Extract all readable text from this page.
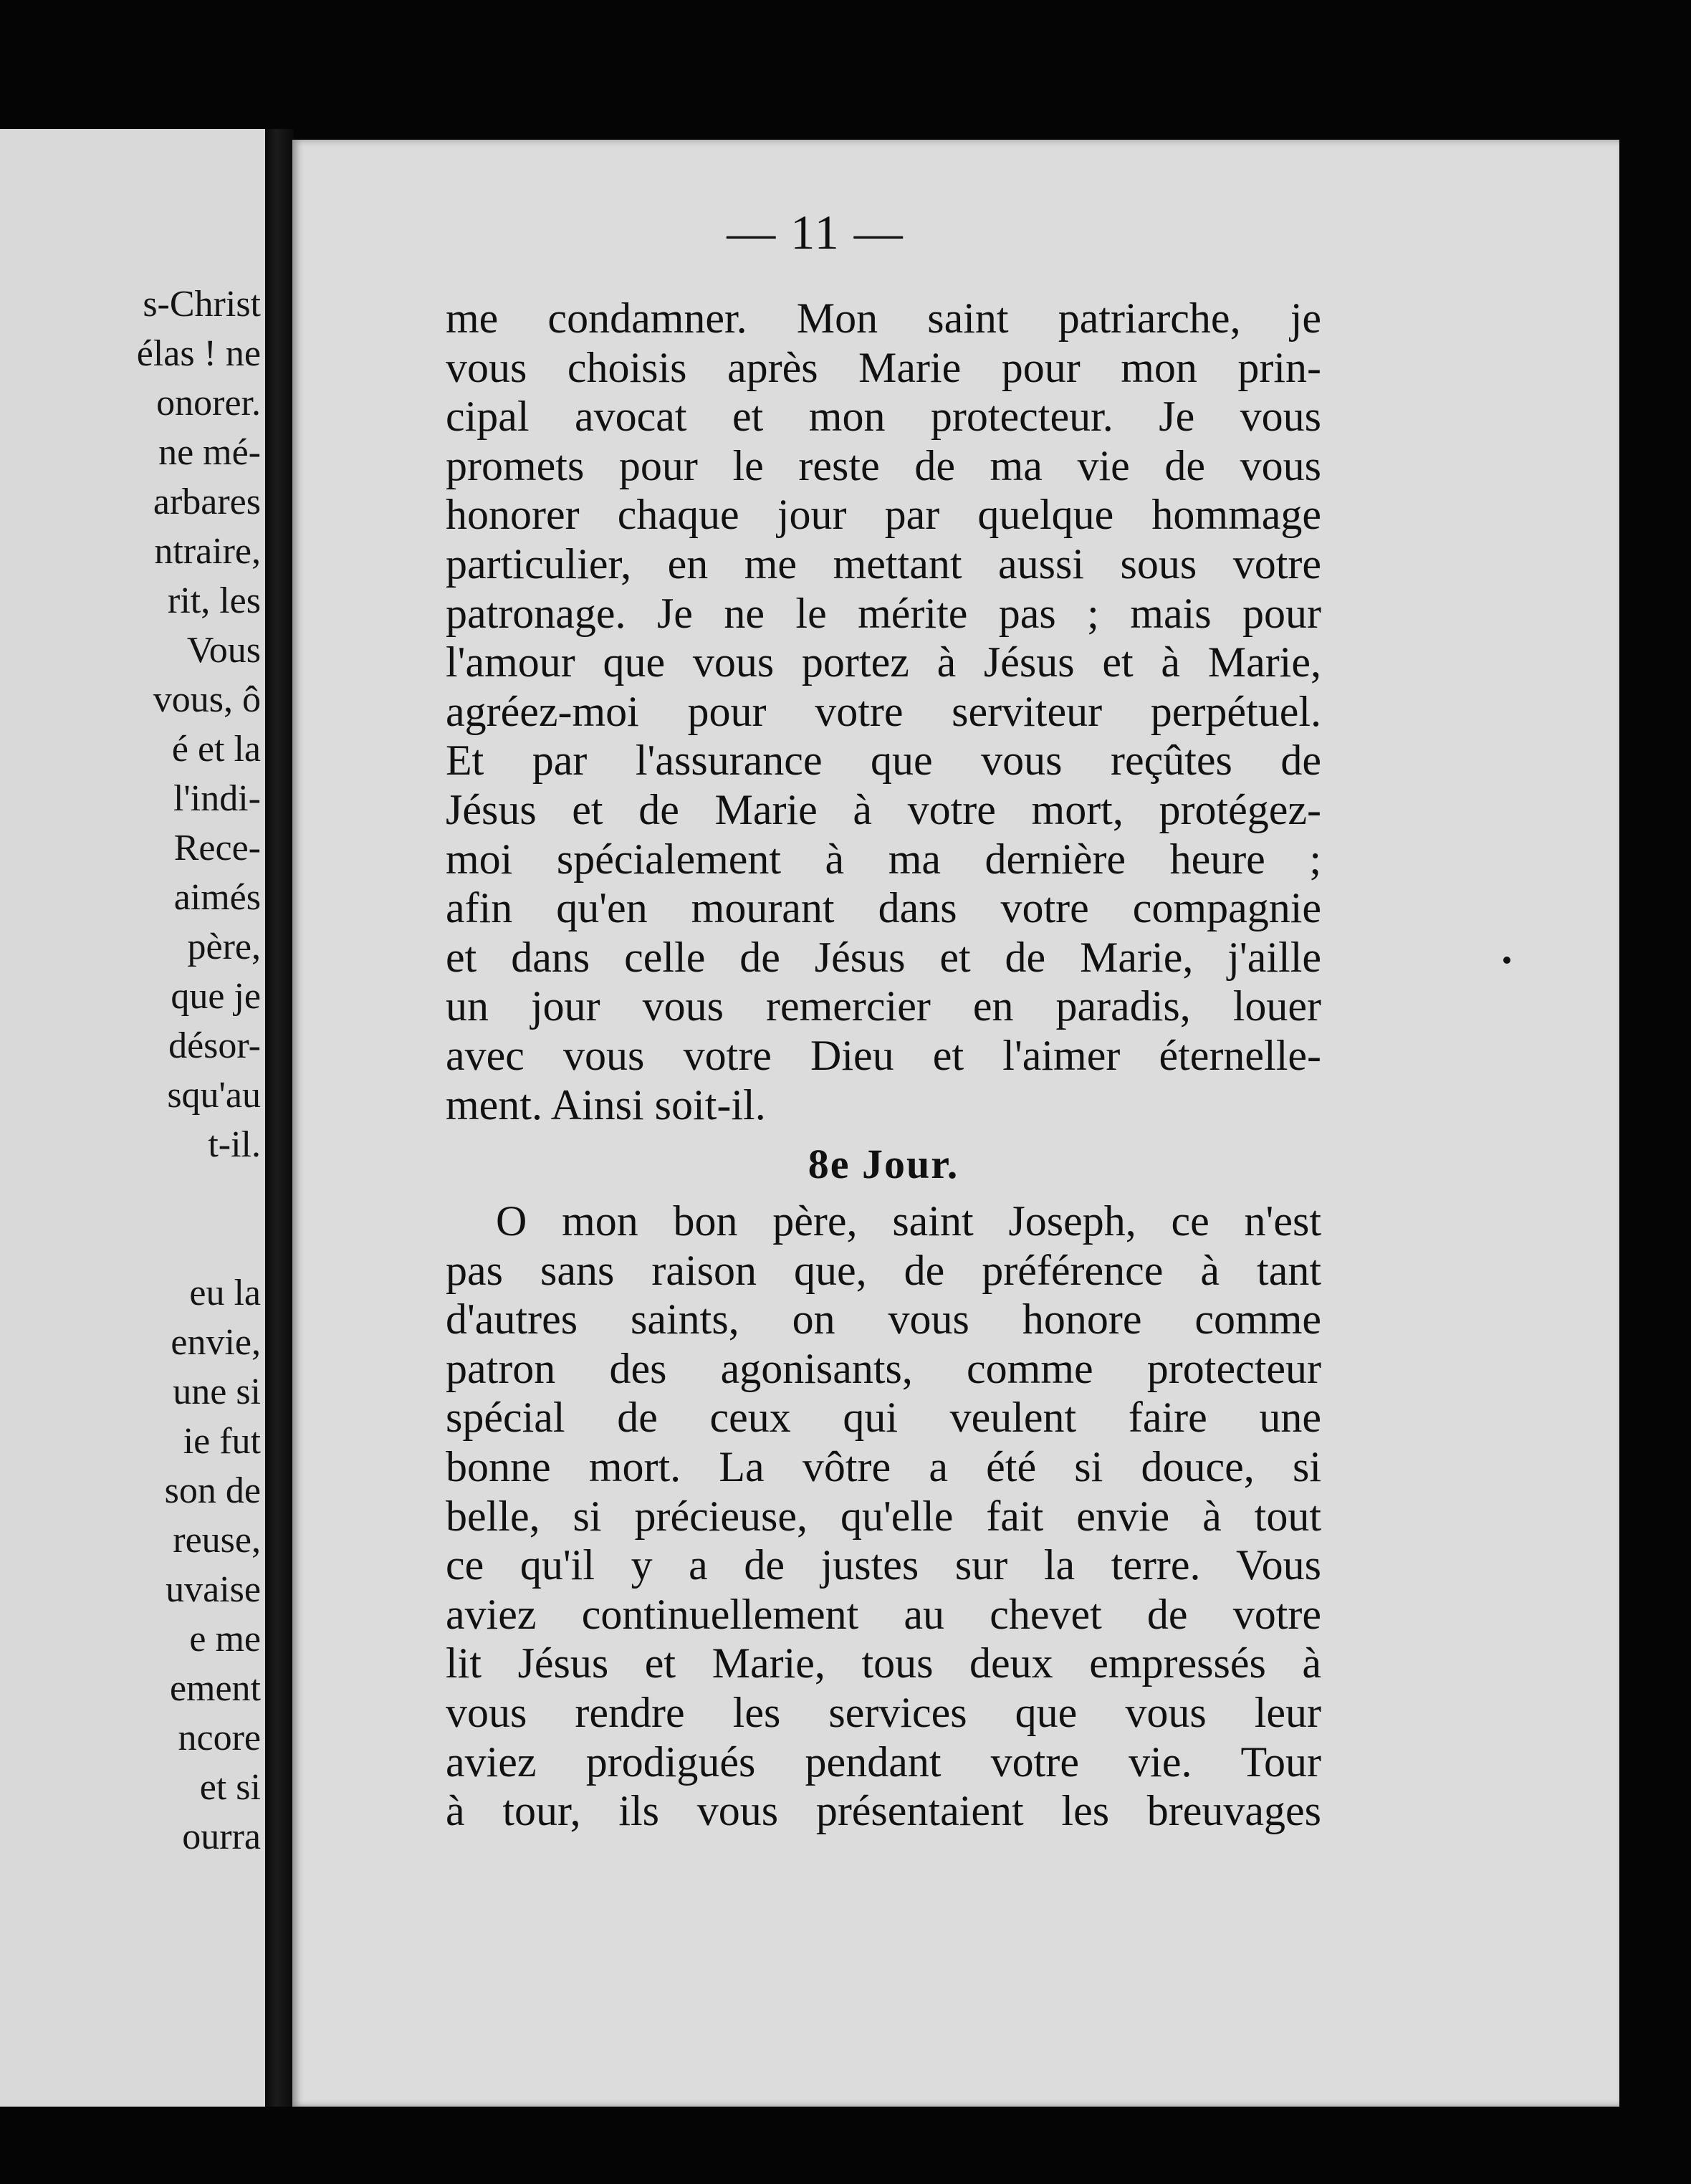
s-Christ
élas ! ne
onorer.
ne mé-
arbares
ntraire,
rit, les
Vous
vous, ô
é et la
l'indi-
Rece-
aimés
père,
que je
désor-
squ'au
t-il.
eu la
envie,
une si
ie fut
son de
reuse,
uvaise
e me
ement
ncore
et si
ourra
— 11 —
me condamner. Mon saint patriarche, je
vous choisis après Marie pour mon prin-
cipal avocat et mon protecteur. Je vous
promets pour le reste de ma vie de vous
honorer chaque jour par quelque hommage
particulier, en me mettant aussi sous votre
patronage. Je ne le mérite pas ; mais pour
l'amour que vous portez à Jésus et à Marie,
agréez-moi pour votre serviteur perpétuel.
Et par l'assurance que vous reçûtes de
Jésus et de Marie à votre mort, protégez-
moi spécialement à ma dernière heure ;
afin qu'en mourant dans votre compagnie
et dans celle de Jésus et de Marie, j'aille
un jour vous remercier en paradis, louer
avec vous votre Dieu et l'aimer éternelle-
ment. Ainsi soit-il.
8e Jour.
O mon bon père, saint Joseph, ce n'est
pas sans raison que, de préférence à tant
d'autres saints, on vous honore comme
patron des agonisants, comme protecteur
spécial de ceux qui veulent faire une
bonne mort. La vôtre a été si douce, si
belle, si précieuse, qu'elle fait envie à tout
ce qu'il y a de justes sur la terre. Vous
aviez continuellement au chevet de votre
lit Jésus et Marie, tous deux empressés à
vous rendre les services que vous leur
aviez prodigués pendant votre vie. Tour
à tour, ils vous présentaient les breuvages
